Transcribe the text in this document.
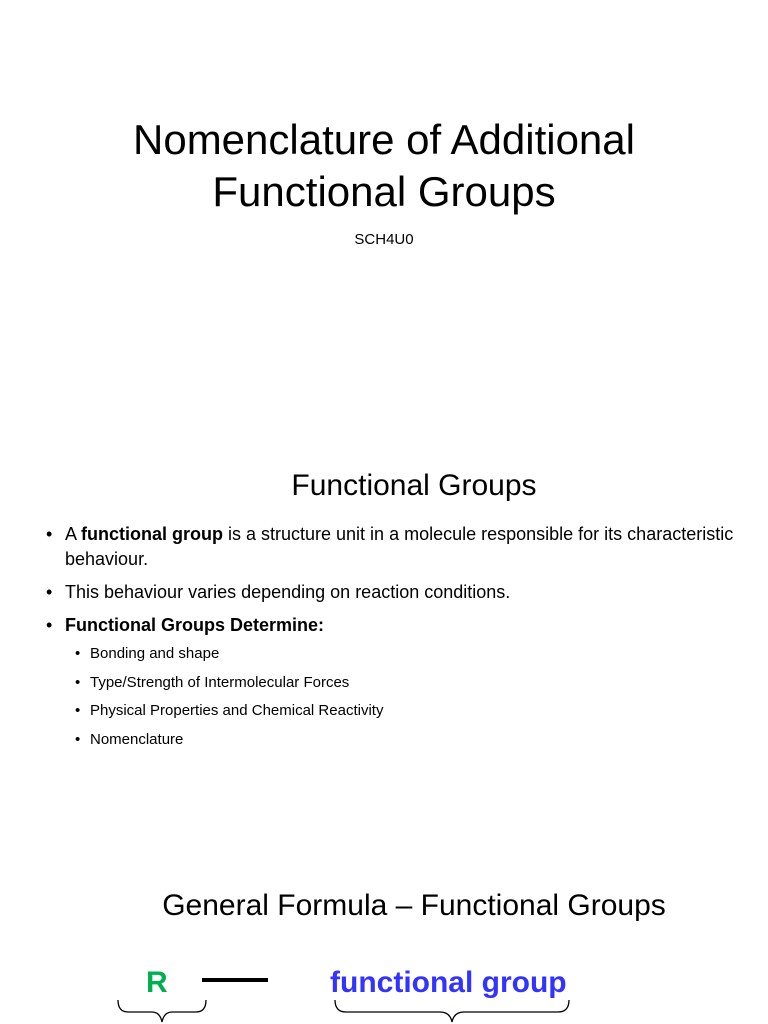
Nomenclature of Additional
Functional Groups
SCH4U0
Functional Groups
• A functional group is a structure unit in a molecule responsible for its characteristic behaviour.
• This behaviour varies depending on reaction conditions.
• Functional Groups Determine:
• Bonding and shape
• Type/Strength of Intermolecular Forces
• Physical Properties and Chemical Reactivity
• Nomenclature
General Formula – Functional Groups
R	functional group
